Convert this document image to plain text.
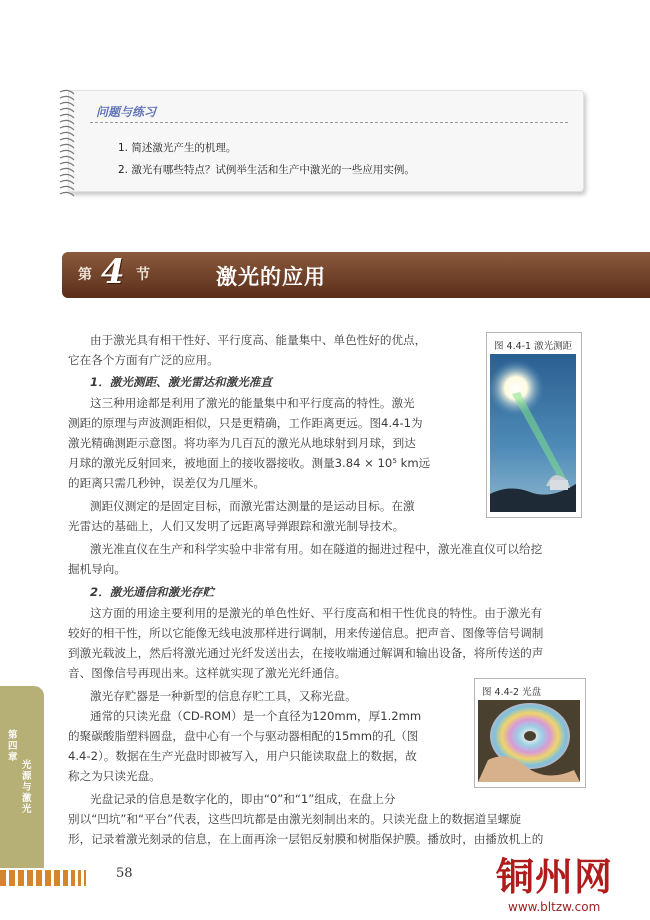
问题与练习
1. 简述激光产生的机理。
2. 激光有哪些特点？试例举生活和生产中激光的一些应用实例。
第 4 节	激光的应用
图 4.4-1 激光测距
由于激光具有相干性好、平行度高、能量集中、单色性好的优点，
它在各个方面有广泛的应用。
1．激光测距、激光雷达和激光准直
这三种用途都是利用了激光的能量集中和平行度高的特性。激光
测距的原理与声波测距相似，只是更精确，工作距离更远。图4.4-1为
激光精确测距示意图。将功率为几百瓦的激光从地球射到月球，到达
月球的激光反射回来，被地面上的接收器接收。测量3.84 × 10⁵ km远
的距离只需几秒钟，误差仅为几厘米。
测距仪测定的是固定目标，而激光雷达测量的是运动目标。在激
光雷达的基础上，人们又发明了远距离导弹跟踪和激光制导技术。
激光准直仪在生产和科学实验中非常有用。如在隧道的掘进过程中，激光准直仪可以给挖
掘机导向。
2．激光通信和激光存贮
这方面的用途主要利用的是激光的单色性好、平行度高和相干性优良的特性。由于激光有
较好的相干性，所以它能像无线电波那样进行调制，用来传递信息。把声音、图像等信号调制
到激光载波上，然后将激光通过光纤发送出去，在接收端通过解调和输出设备，将所传送的声
音、图像信号再现出来。这样就实现了激光光纤通信。
激光存贮器是一种新型的信息存贮工具，又称光盘。
通常的只读光盘（CD-ROM）是一个直径为120mm，厚1.2mm
的聚碳酸脂塑料圆盘，盘中心有一个与驱动器相配的15mm的孔（图
4.4-2）。数据在生产光盘时即被写入，用户只能读取盘上的数据，故
称之为只读光盘。
光盘记录的信息是数字化的，即由“0”和“1”组成，在盘上分
别以“凹坑”和“平台”代表，这些凹坑都是由激光刻制出来的。只读光盘上的数据道呈螺旋
形，记录着激光刻录的信息，在上面再涂一层铝反射膜和树脂保护膜。播放时，由播放机上的
图 4.4-2 光盘
第四章
光源与激光
58	铜州网
www.bltzw.com
